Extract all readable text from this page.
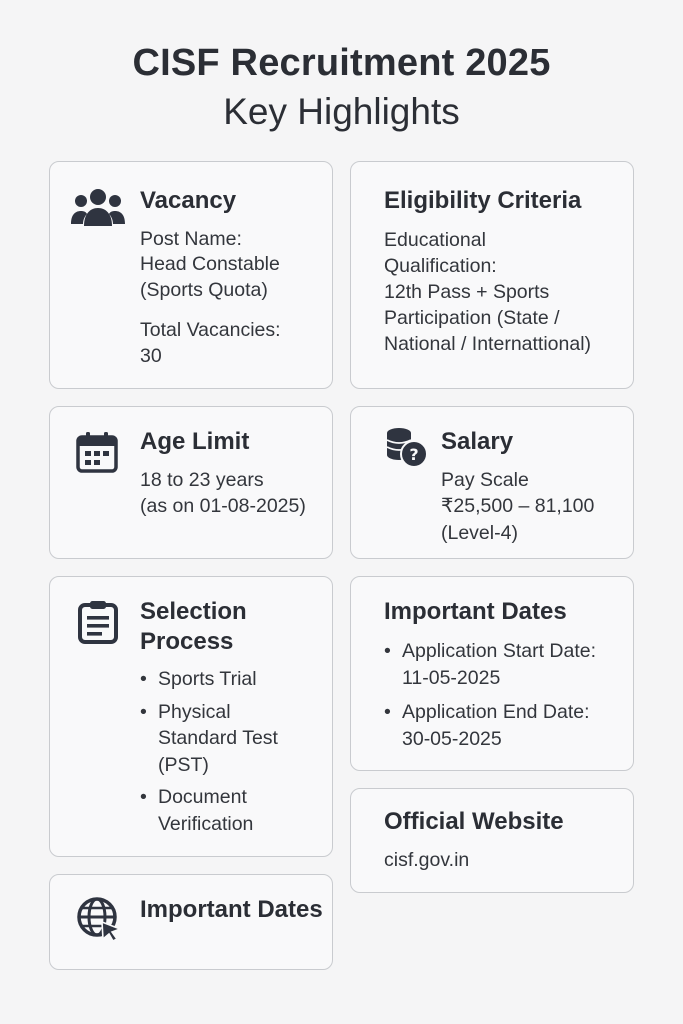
CISF Recruitment 2025
Key Highlights
Vacancy

Post Name:

Head Constable

(Sports Quota)

Total Vacancies:

30

Eligibility Criteria

Educational

Qualification:

12th Pass + Sports

Participation (State /

National / Internattional)

Age Limit

18 to 23 years

(as on 01-08-2025)

? Salary

Pay Scale

₹25,500 – 81,100

(Level-4)

Selection
Process
• Sports Trial
• Physical
Standard Test
(PST)
• Document
Verification
Important Dates
• Application Start Date:
11-05-2025
• Application End Date:
30-05-2025
Official Website

cisf.gov.in

Important Dates
